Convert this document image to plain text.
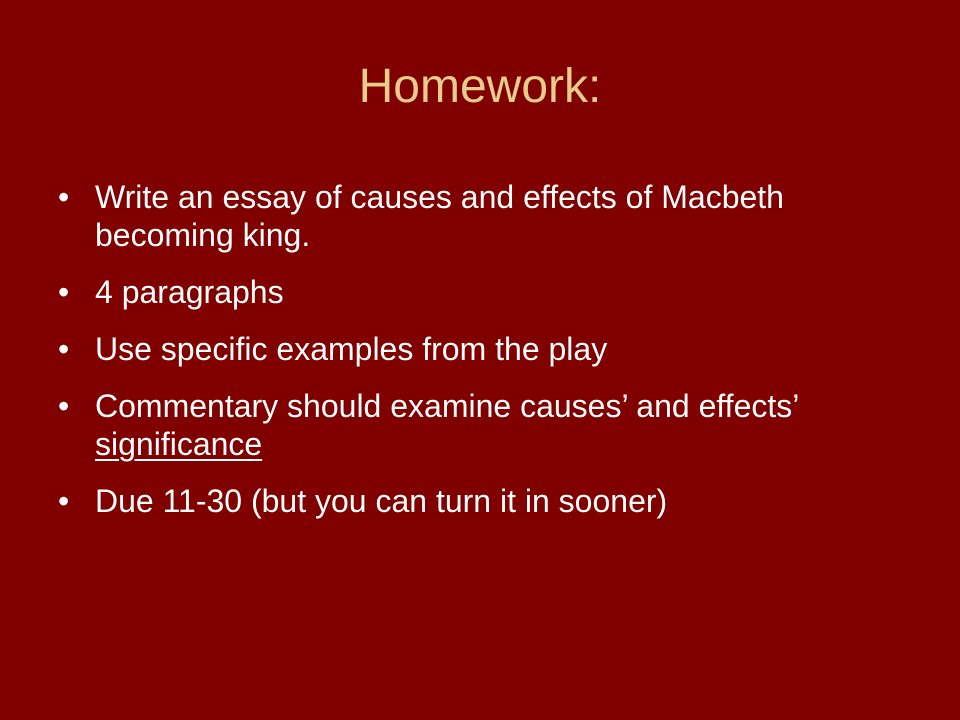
Homework:
• Write an essay of causes and effects of Macbeth becoming king.
• 4 paragraphs
• Use specific examples from the play
• Commentary should examine causes’ and effects’ significance
• Due 11-30 (but you can turn it in sooner)
